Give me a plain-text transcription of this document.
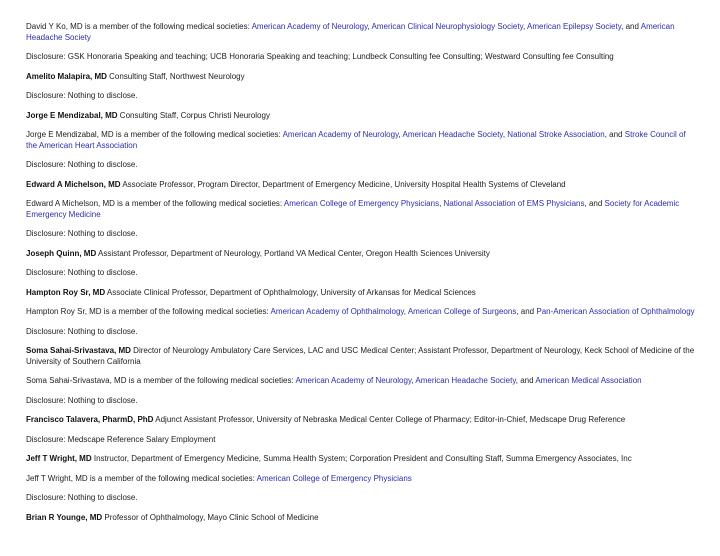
David Y Ko, MD is a member of the following medical societies: American Academy of Neurology, American Clinical Neurophysiology Society, American Epilepsy Society, and American Headache Society

Disclosure: GSK Honoraria Speaking and teaching; UCB Honoraria Speaking and teaching; Lundbeck Consulting fee Consulting; Westward Consulting fee Consulting

Amelito Malapira, MD Consulting Staff, Northwest Neurology

Disclosure: Nothing to disclose.

Jorge E Mendizabal, MD Consulting Staff, Corpus Christi Neurology

Jorge E Mendizabal, MD is a member of the following medical societies: American Academy of Neurology, American Headache Society, National Stroke Association, and Stroke Council of the American Heart Association

Disclosure: Nothing to disclose.

Edward A Michelson, MD Associate Professor, Program Director, Department of Emergency Medicine, University Hospital Health Systems of Cleveland

Edward A Michelson, MD is a member of the following medical societies: American College of Emergency Physicians, National Association of EMS Physicians, and Society for Academic Emergency Medicine

Disclosure: Nothing to disclose.

Joseph Quinn, MD Assistant Professor, Department of Neurology, Portland VA Medical Center, Oregon Health Sciences University

Disclosure: Nothing to disclose.

Hampton Roy Sr, MD Associate Clinical Professor, Department of Ophthalmology, University of Arkansas for Medical Sciences

Hampton Roy Sr, MD is a member of the following medical societies: American Academy of Ophthalmology, American College of Surgeons, and Pan-American Association of Ophthalmology

Disclosure: Nothing to disclose.

Soma Sahai-Srivastava, MD Director of Neurology Ambulatory Care Services, LAC and USC Medical Center; Assistant Professor, Department of Neurology, Keck School of Medicine of the University of Southern California

Soma Sahai-Srivastava, MD is a member of the following medical societies: American Academy of Neurology, American Headache Society, and American Medical Association

Disclosure: Nothing to disclose.

Francisco Talavera, PharmD, PhD Adjunct Assistant Professor, University of Nebraska Medical Center College of Pharmacy; Editor-in-Chief, Medscape Drug Reference

Disclosure: Medscape Reference Salary Employment

Jeff T Wright, MD Instructor, Department of Emergency Medicine, Summa Health System; Corporation President and Consulting Staff, Summa Emergency Associates, Inc

Jeff T Wright, MD is a member of the following medical societies: American College of Emergency Physicians

Disclosure: Nothing to disclose.

Brian R Younge, MD Professor of Ophthalmology, Mayo Clinic School of Medicine
